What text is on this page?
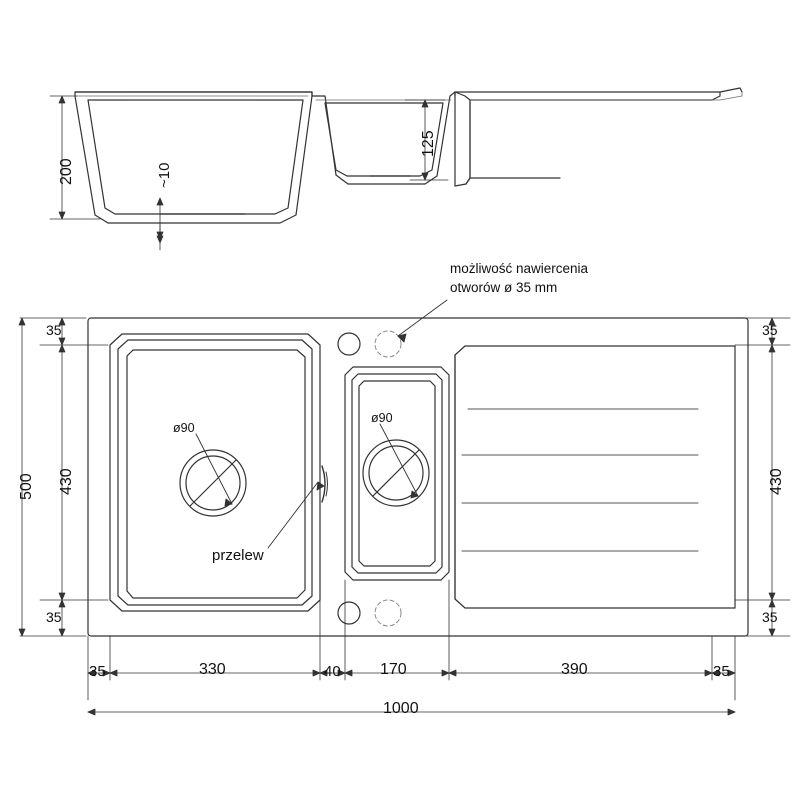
200	~10
125
możliwość nawiercenia
otworów ø 35 mm
ø90
ø90
przelew
35
430
35
500
35
430
35
35	330	40 170	390	35
1000
